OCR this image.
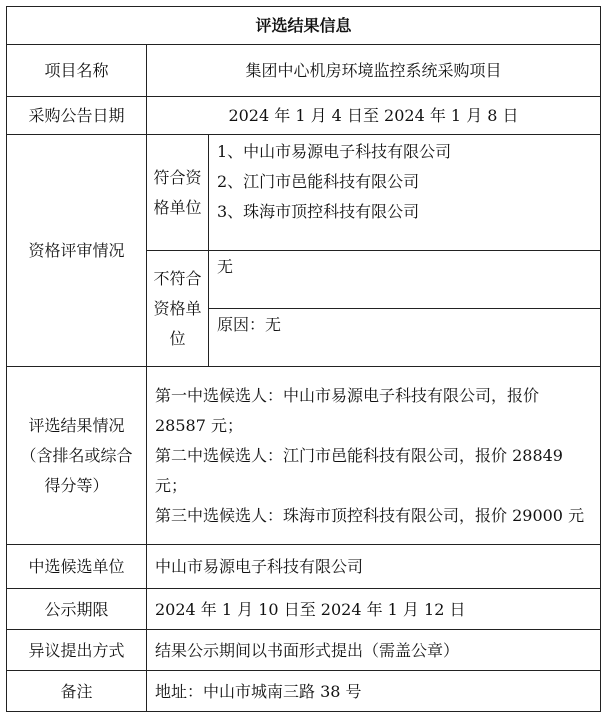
评选结果信息		
项目名称	集团中心机房环境监控系统采购项目	
采购公告日期	2024 年 1 月 4 日至 2024 年 1 月 8 日	
资格评审情况	符合资格单位	1、中山市易源电子科技有限公司
2、江门市邑能科技有限公司
3、珠海市顶控科技有限公司

	不符合资格单位	无
		原因：无
评选结果情况（含排名或综合得分等）	第一中选候选人：中山市易源电子科技有限公司，报价 28587 元；
第二中选候选人：江门市邑能科技有限公司，报价 28849 元；
第三中选候选人：珠海市顶控科技有限公司，报价 29000 元	

中选候选单位	中山市易源电子科技有限公司	
公示期限	2024 年 1 月 10 日至 2024 年 1 月 12 日	
异议提出方式	结果公示期间以书面形式提出（需盖公章）	
备注	地址：中山市城南三路 38 号	
